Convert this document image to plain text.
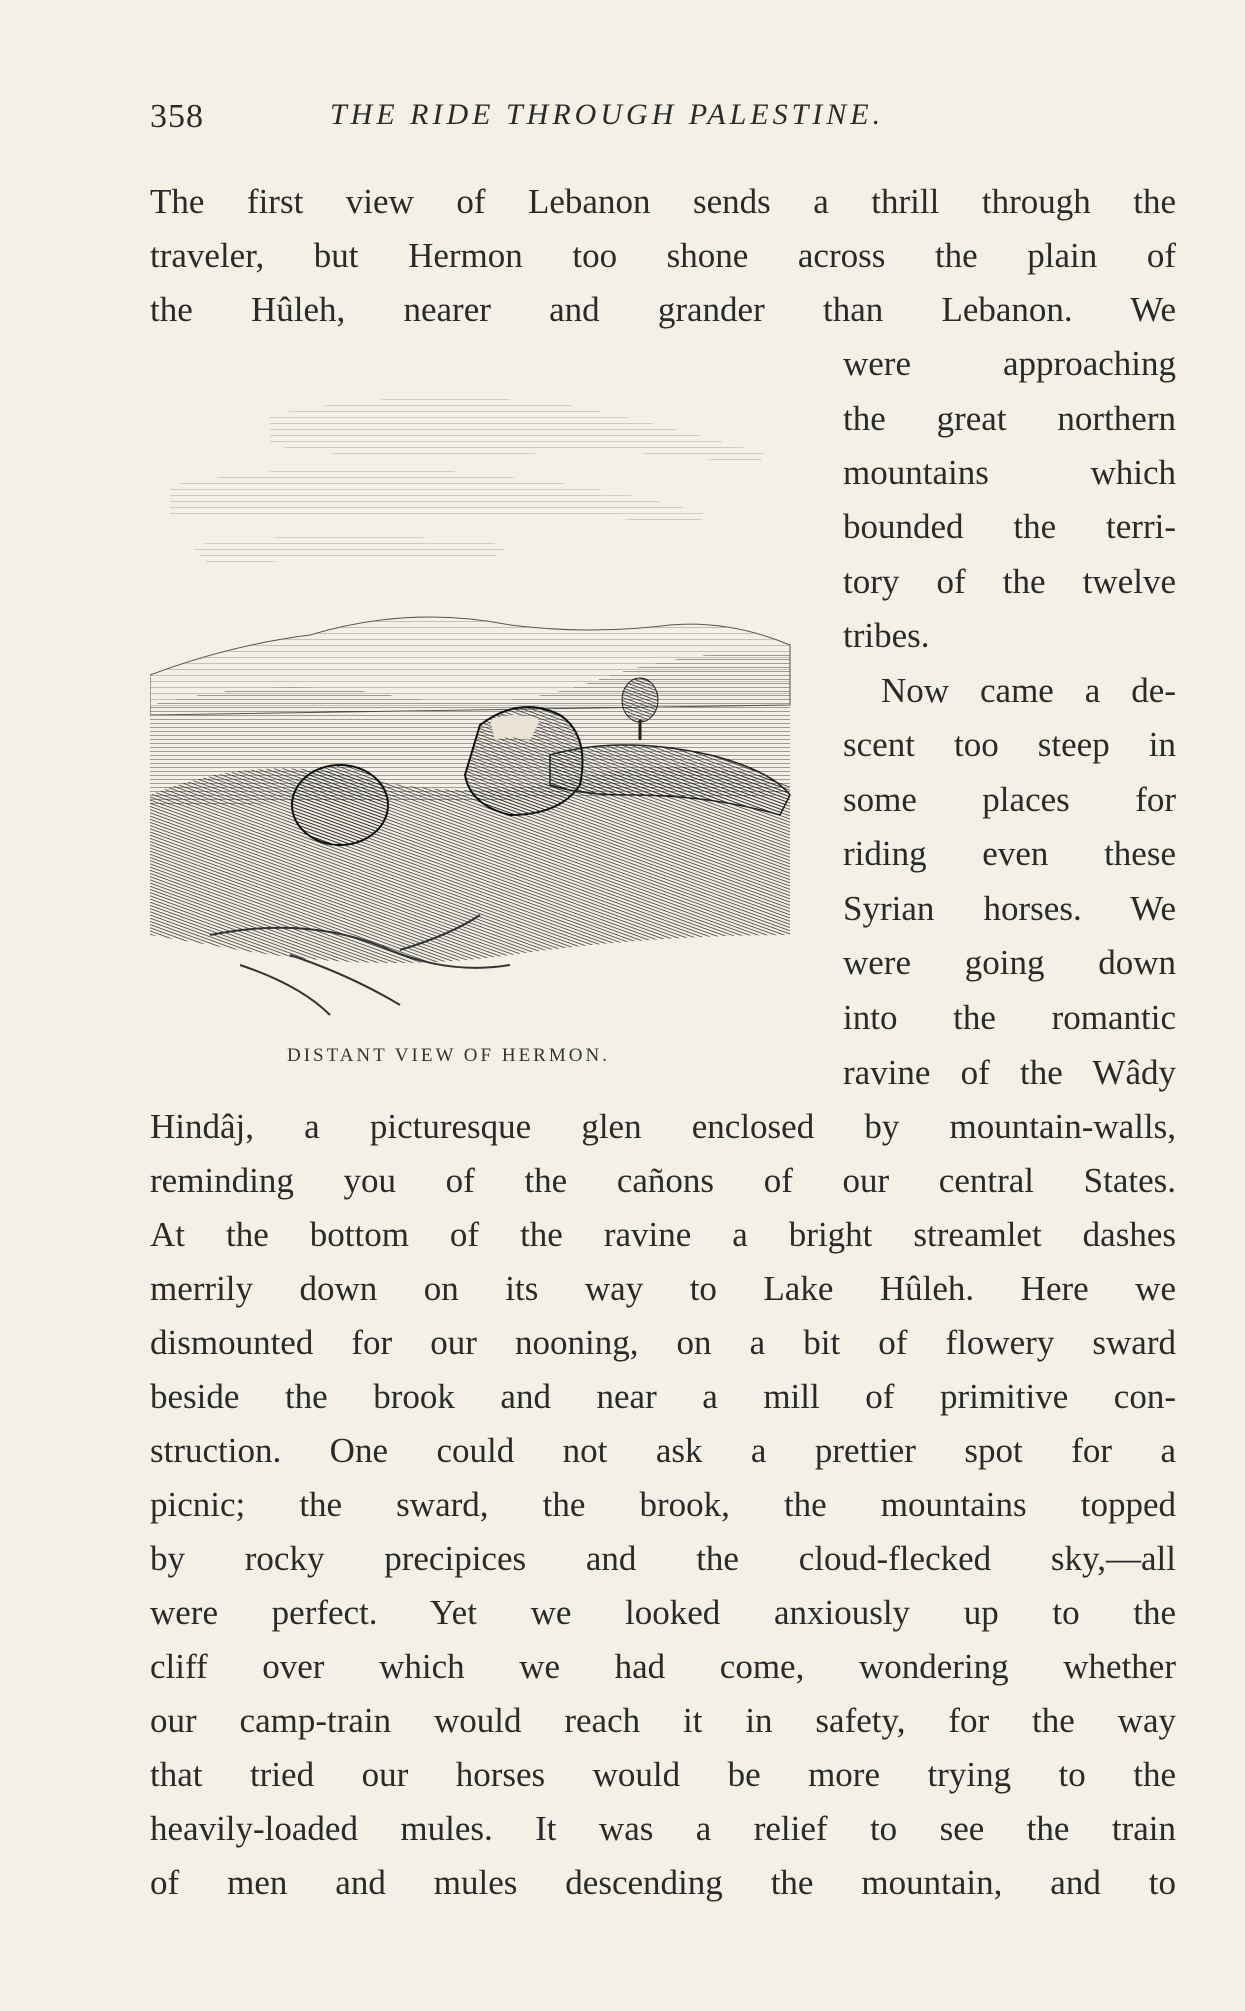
358	THE RIDE THROUGH PALESTINE.
The first view of Lebanon sends a thrill through the
traveler, but Hermon too shone across the plain of
the Hûleh, nearer and grander than Lebanon. We
were approaching
the great northern
mountains which
bounded the terri-
tory of the twelve
tribes.
Now came a de-
scent too steep in
some places for
riding even these
Syrian horses. We
were going down
into the romantic
ravine of the Wâdy
Hindâj, a picturesque glen enclosed by mountain-walls,
reminding you of the cañons of our central States.
At the bottom of the ravine a bright streamlet dashes
merrily down on its way to Lake Hûleh. Here we
dismounted for our nooning, on a bit of flowery sward
beside the brook and near a mill of primitive con-
struction. One could not ask a prettier spot for a
picnic; the sward, the brook, the mountains topped
by rocky precipices and the cloud-flecked sky,—all
were perfect. Yet we looked anxiously up to the
cliff over which we had come, wondering whether
our camp-train would reach it in safety, for the way
that tried our horses would be more trying to the
heavily-loaded mules. It was a relief to see the train
of men and mules descending the mountain, and to
DISTANT VIEW OF HERMON.
